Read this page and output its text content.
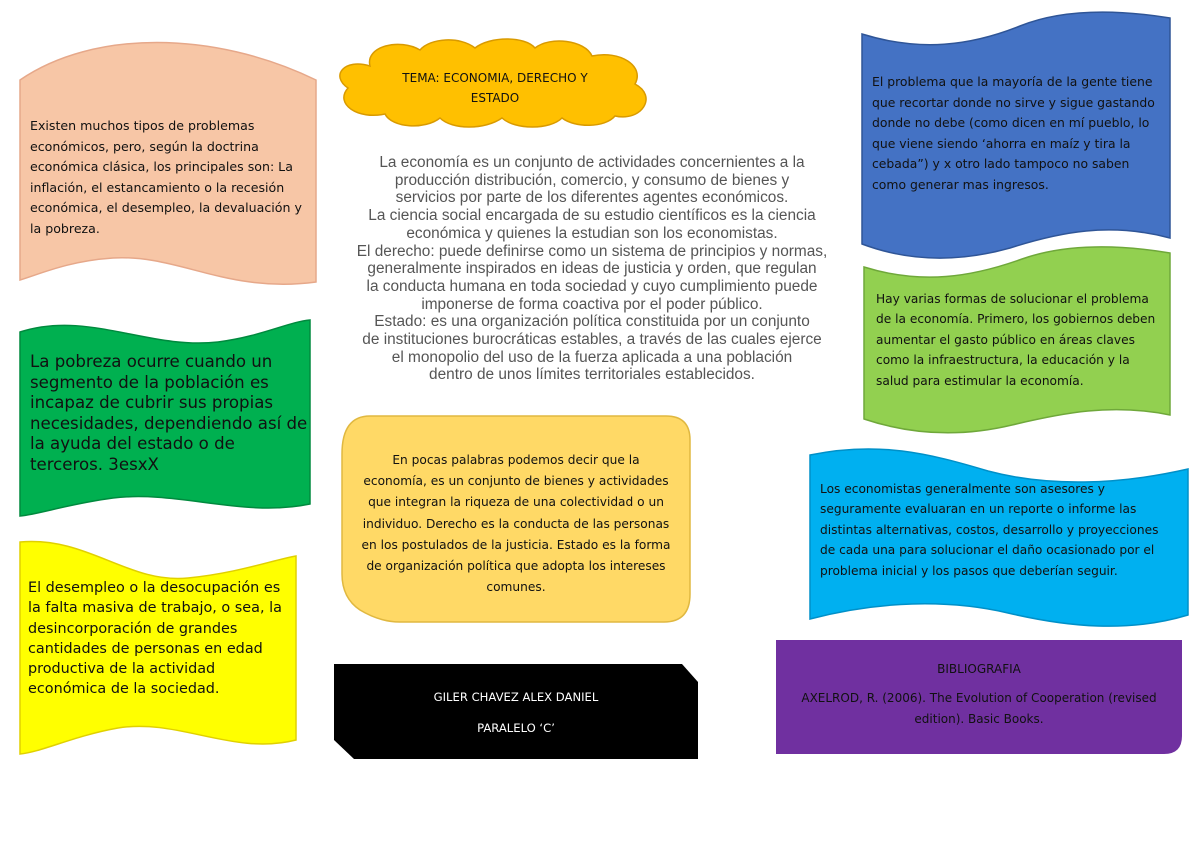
Existen muchos tipos de problemas económicos, pero, según la doctrina económica clásica, los principales son: La inflación, el estancamiento o la recesión económica, el desempleo, la devaluación y la pobreza.

La pobreza ocurre cuando un segmento de la población es incapaz de cubrir sus propias necesidades, dependiendo así de la ayuda del estado o de terceros. 3esxX

El desempleo o la desocupación es la falta masiva de trabajo, o sea, la desincorporación de grandes cantidades de personas en edad productiva de la actividad económica de la sociedad.

TEMA: ECONOMIA, DERECHO Y ESTADO

La economía es un conjunto de actividades concernientes a la

producción distribución, comercio, y consumo de bienes y

servicios por parte de los diferentes agentes económicos.

La ciencia social encargada de su estudio científicos es la ciencia

económica y quienes la estudian son los economistas.

El derecho: puede definirse como un sistema de principios y normas,

generalmente inspirados en ideas de justicia y orden, que regulan

la conducta humana en toda sociedad y cuyo cumplimiento puede

imponerse de forma coactiva por el poder público.

Estado: es una organización política constituida por un conjunto

de instituciones burocráticas estables, a través de las cuales ejerce

el monopolio del uso de la fuerza aplicada a una población

dentro de unos límites territoriales establecidos.

En pocas palabras podemos decir que la economía, es un conjunto de bienes y actividades que integran la riqueza de una colectividad o un individuo. Derecho es la conducta de las personas en los postulados de la justicia. Estado es la forma de organización política que adopta los intereses comunes.

GILER CHAVEZ ALEX DANIEL

PARALELO ‘C’

El problema que la mayoría de la gente tiene que recortar donde no sirve y sigue gastando donde no debe (como dicen en mí pueblo, lo que viene siendo ‘ahorra en maíz y tira la cebada”) y x otro lado tampoco no saben como generar mas ingresos.

Hay varias formas de solucionar el problema de la economía. Primero, los gobiernos deben aumentar el gasto público en áreas claves como la infraestructura, la educación y la salud para estimular la economía.

Los economistas generalmente son asesores y seguramente evaluaran en un reporte o informe las distintas alternativas, costos, desarrollo y proyecciones de cada una para solucionar el daño ocasionado por el problema inicial y los pasos que deberían seguir.

BIBLIOGRAFIA

AXELROD, R. (2006). The Evolution of Cooperation (revised edition). Basic Books.
